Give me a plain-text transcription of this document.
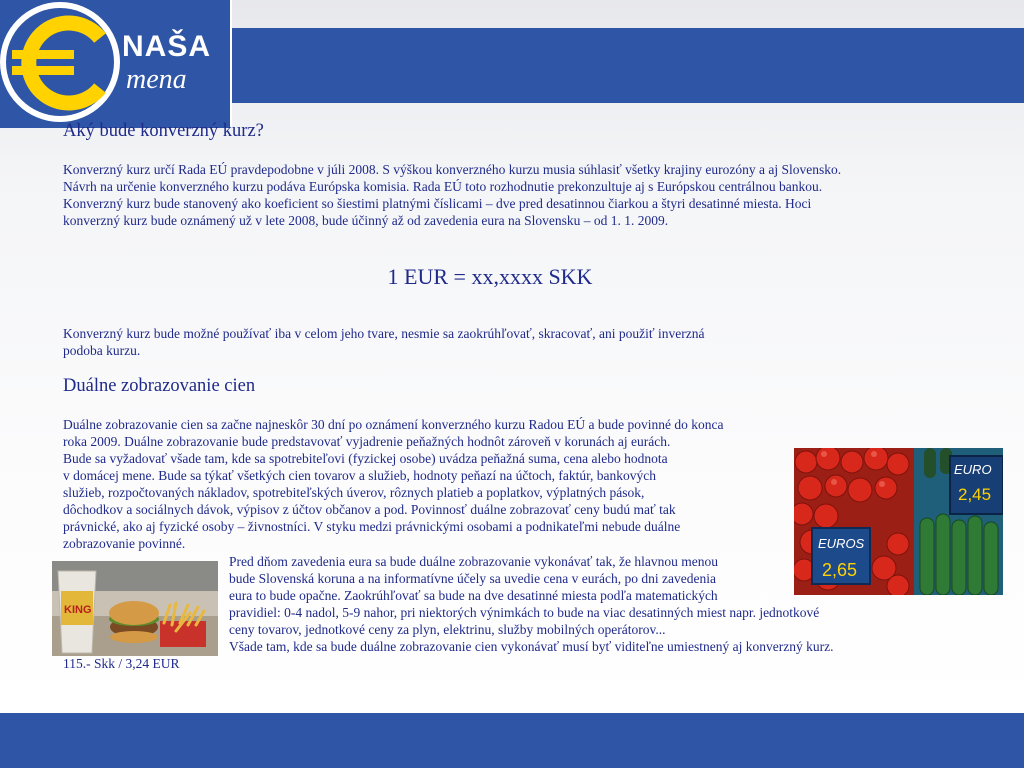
NAŠA
mena
Aký bude konverzný kurz?

Konverzný kurz určí Rada EÚ pravdepodobne v júli 2008. S výškou konverzného kurzu musia súhlasiť všetky krajiny eurozóny a aj Slovensko.

Návrh na určenie konverzného kurzu podáva Európska komisia. Rada EÚ toto rozhodnutie prekonzultuje aj s Európskou centrálnou bankou.

Konverzný kurz bude stanovený ako koeficient so šiestimi platnými číslicami – dve pred desatinnou čiarkou a štyri desatinné miesta. Hoci

konverzný kurz bude oznámený už v lete 2008, bude účinný až od zavedenia eura na Slovensku – od 1. 1. 2009.

1 EUR = xx,xxxx SKK

Konverzný kurz bude možné používať iba v celom jeho tvare, nesmie sa zaokrúhľovať, skracovať, ani použiť inverzná

podoba kurzu.

Duálne zobrazovanie cien

Duálne zobrazovanie cien sa začne najneskôr 30 dní po oznámení konverzného kurzu Radou EÚ a bude povinné do konca

roka 2009. Duálne zobrazovanie bude predstavovať vyjadrenie peňažných hodnôt zároveň v korunách aj eurách.

Bude sa vyžadovať všade tam, kde sa spotrebiteľovi (fyzickej osobe) uvádza peňažná suma, cena alebo hodnota

v domácej mene. Bude sa týkať všetkých cien tovarov a služieb, hodnoty peňazí na účtoch, faktúr, bankových

služieb, rozpočtovaných nákladov, spotrebiteľských úverov, rôznych platieb a poplatkov, výplatných pások,

dôchodkov a sociálnych dávok, výpisov z účtov občanov a pod. Povinnosť duálne zobrazovať ceny budú mať tak

právnické, ako aj fyzické osoby – živnostníci. V styku medzi právnickými osobami a podnikateľmi nebude duálne

zobrazovanie povinné.

Pred dňom zavedenia eura sa bude duálne zobrazovanie vykonávať tak, že hlavnou menou

bude Slovenská koruna a na informatívne účely sa uvedie cena v eurách, po dni zavedenia

eura to bude opačne. Zaokrúhľovať sa bude na dve desatinné miesta podľa matematických

pravidiel: 0-4 nadol, 5-9 nahor, pri niektorých výnimkách to bude na viac desatinných miest napr. jednotkové

ceny tovarov, jednotkové ceny za plyn, elektrinu, služby mobilných operátorov...

Všade tam, kde sa bude duálne zobrazovanie cien vykonávať musí byť viditeľne umiestnený aj konverzný kurz.

EUROS
2,65
EURO
2,45
KING
115.- Skk / 3,24 EUR
